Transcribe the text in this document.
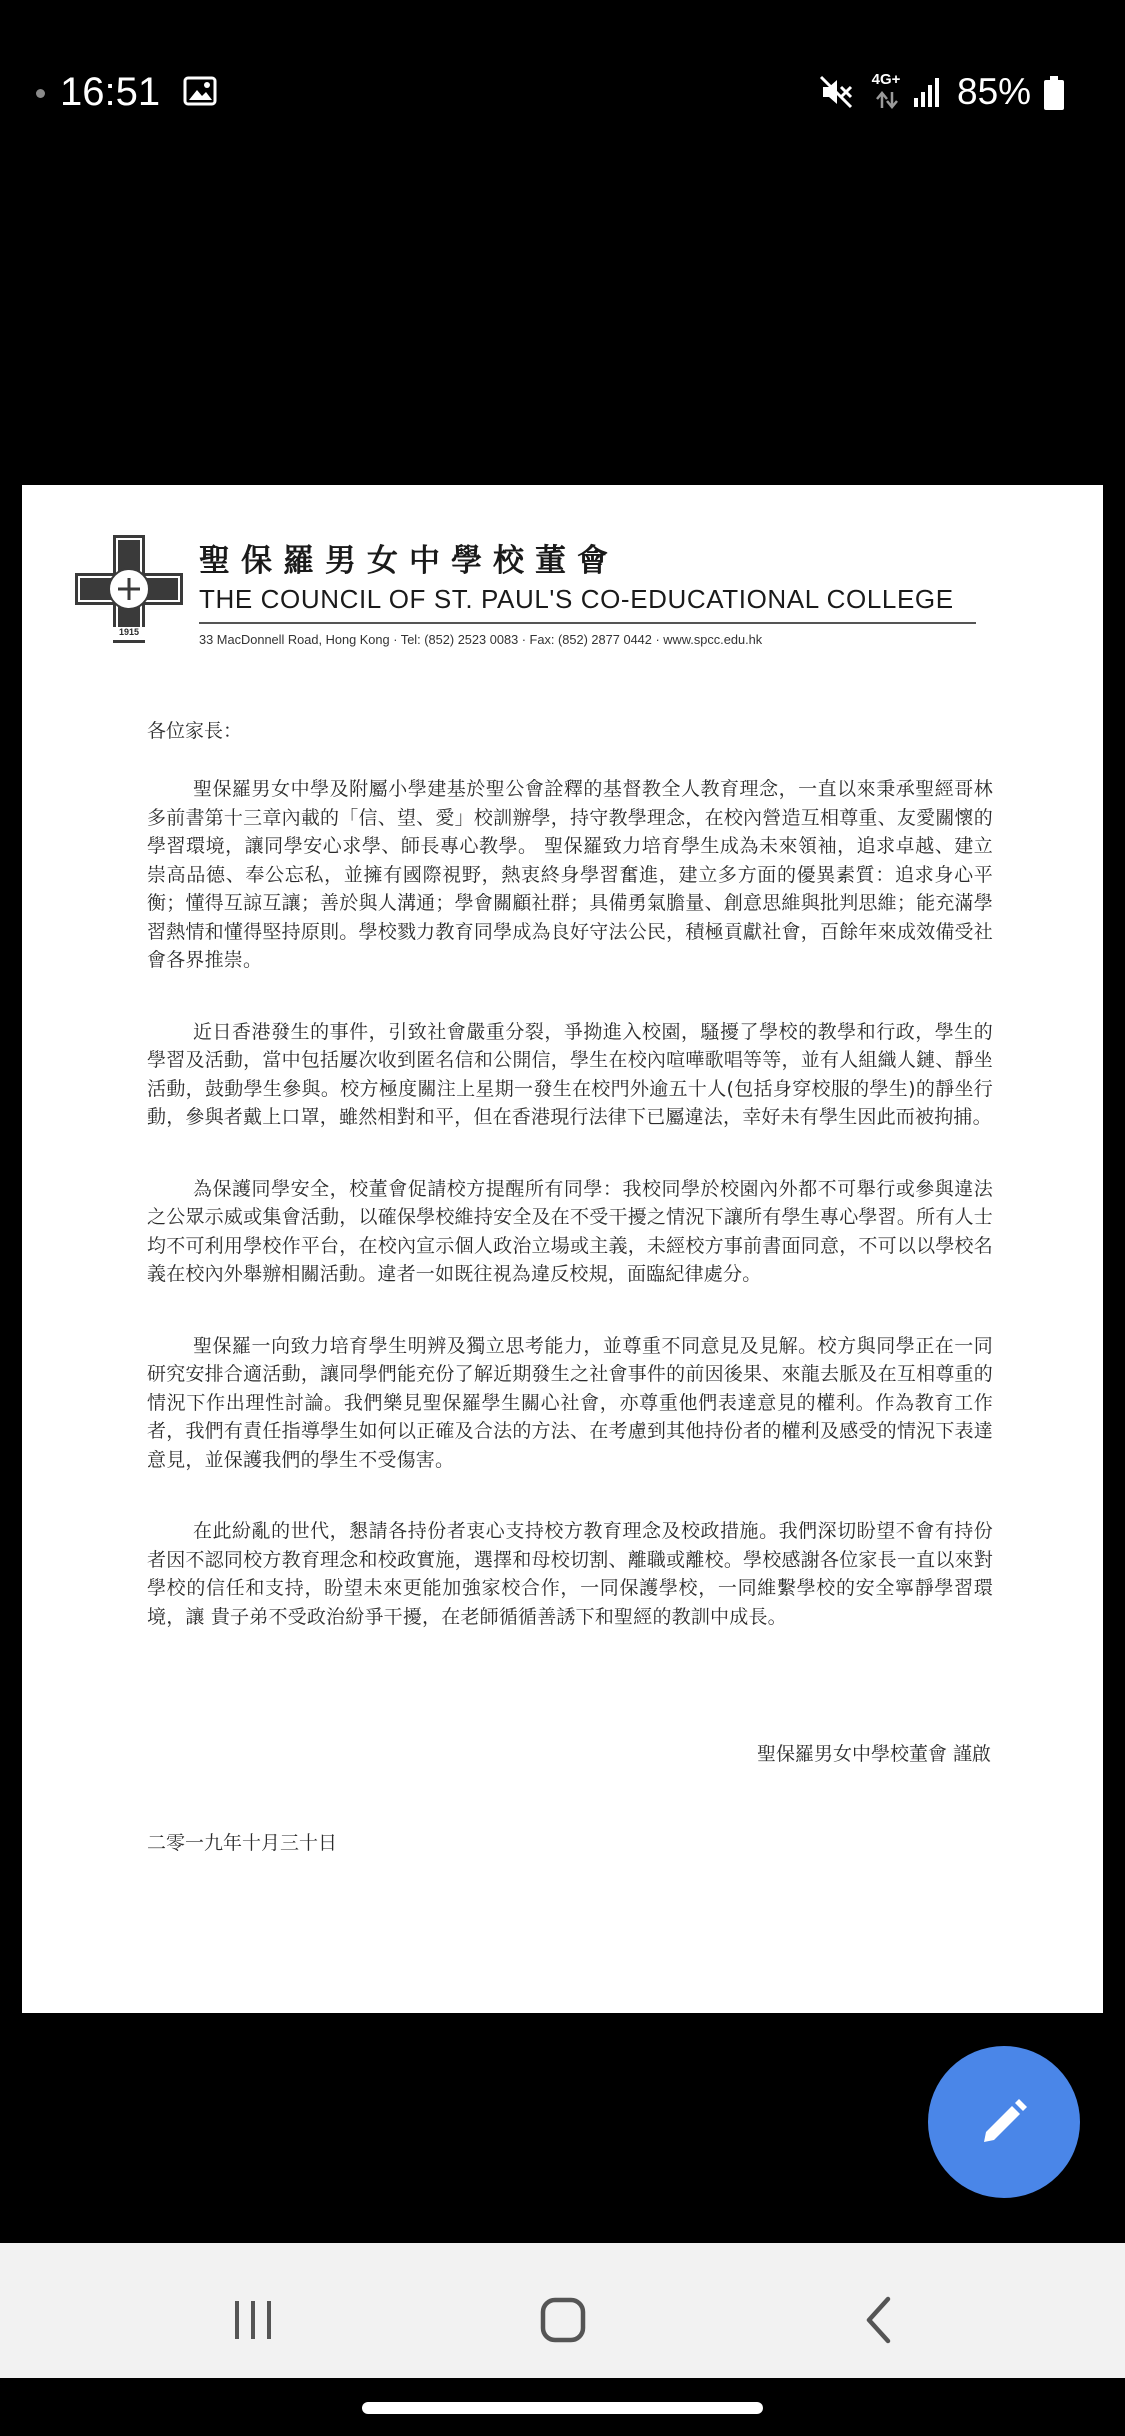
16:51	4G+ 85%
1915
聖保羅男女中學校董會
THE COUNCIL OF ST. PAUL'S CO-EDUCATIONAL COLLEGE
33 MacDonnell Road, Hong Kong · Tel: (852) 2523 0083 · Fax: (852) 2877 0442 · www.spcc.edu.hk
各位家長：

聖保羅男女中學及附屬小學建基於聖公會詮釋的基督教全人教育理念，一直以來秉承聖經哥林多前書第十三章內載的「信、望、愛」校訓辦學，持守教學理念，在校內營造互相尊重、友愛關懷的學習環境，讓同學安心求學、師長專心教學。 聖保羅致力培育學生成為未來領袖，追求卓越、建立崇高品德、奉公忘私，並擁有國際視野，熱衷終身學習奮進，建立多方面的優異素質：追求身心平衡；懂得互諒互讓；善於與人溝通；學會關顧社群；具備勇氣膽量、創意思維與批判思維；能充滿學習熱情和懂得堅持原則。學校戮力教育同學成為良好守法公民，積極貢獻社會，百餘年來成效備受社會各界推崇。

近日香港發生的事件，引致社會嚴重分裂，爭拗進入校園，騷擾了學校的教學和行政，學生的學習及活動，當中包括屢次收到匿名信和公開信，學生在校內喧嘩歌唱等等，並有人組織人鏈、靜坐活動，鼓動學生參與。校方極度關注上星期一發生在校門外逾五十人(包括身穿校服的學生)的靜坐行動，參與者戴上口罩，雖然相對和平，但在香港現行法律下已屬違法，幸好未有學生因此而被拘捕。

為保護同學安全，校董會促請校方提醒所有同學：我校同學於校園內外都不可舉行或參與違法之公眾示威或集會活動，以確保學校維持安全及在不受干擾之情況下讓所有學生專心學習。所有人士均不可利用學校作平台，在校內宣示個人政治立場或主義，未經校方事前書面同意，不可以以學校名義在校內外舉辦相關活動。違者一如既往視為違反校規，面臨紀律處分。

聖保羅一向致力培育學生明辨及獨立思考能力，並尊重不同意見及見解。校方與同學正在一同研究安排合適活動，讓同學們能充份了解近期發生之社會事件的前因後果、來龍去脈及在互相尊重的情況下作出理性討論。我們樂見聖保羅學生關心社會，亦尊重他們表達意見的權利。作為教育工作者，我們有責任指導學生如何以正確及合法的方法、在考慮到其他持份者的權利及感受的情況下表達意見，並保護我們的學生不受傷害。

在此紛亂的世代，懇請各持份者衷心支持校方教育理念及校政措施。我們深切盼望不會有持份者因不認同校方教育理念和校政實施，選擇和母校切割、離職或離校。學校感謝各位家長一直以來對學校的信任和支持，盼望未來更能加強家校合作，一同保護學校，一同維繫學校的安全寧靜學習環境，讓 貴子弟不受政治紛爭干擾，在老師循循善誘下和聖經的教訓中成長。

聖保羅男女中學校董會 謹啟
二零一九年十月三十日
